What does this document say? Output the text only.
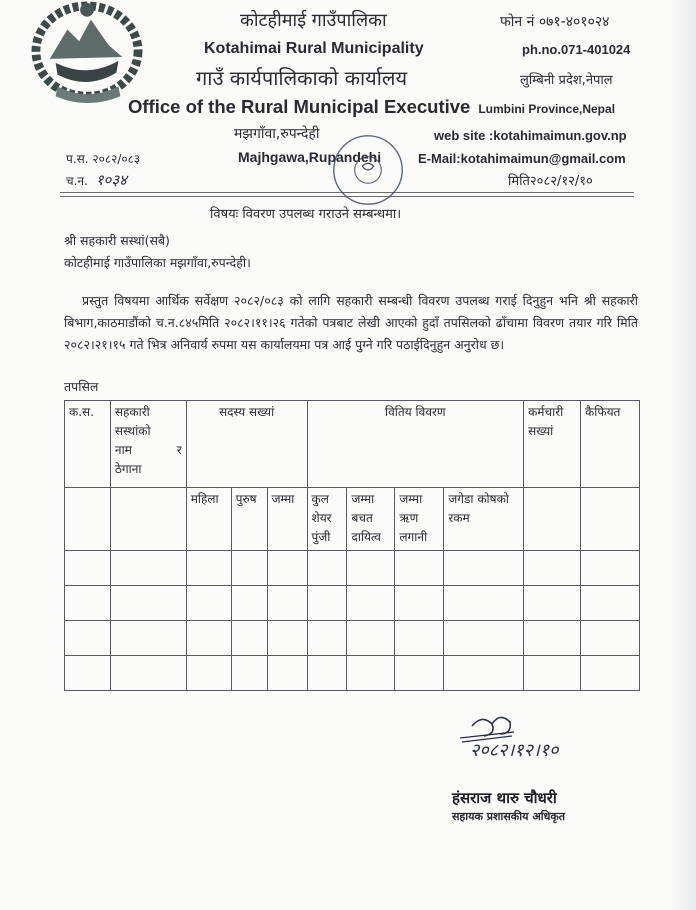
कोटहीमाई गाउँपालिका
Kotahimai Rural Municipality
गाउँ कार्यपालिकाको कार्यालय
Office of the Rural Municipal Executive Lumbini Province,Nepal
फोन नं ०७१-४०१०२४
ph.no.071-401024
लुम्बिनी प्रदेश,नेपाल
मझगाँवा,रुपन्देही
Majhgawa,Rupandehi
web site :kotahimaimun.gov.np
E-Mail:kotahimaimun@gmail.com
प.स. २०८२/०८३
च.न. १०३४	मिति२०८२/१२/१०
विषयः विवरण उपलब्ध गराउने सम्बन्धमा।
श्री सहकारी सस्थां(सबै)
कोटहीमाई गाउँपालिका मझगाँवा,रुपन्देही।
प्रस्तुत विषयमा आर्थिक सर्वेक्षण २०८२/०८३ को लागि सहकारी सम्बन्धी विवरण उपलब्ध गराई दिनुहुन भनि श्री सहकारी बिभाग,काठमाडौंको च.न.८४५मिति २०८२।११।२६ गतेको पत्रबाट लेखी आएको हुदाँ तपसिलको ढाँचामा विवरण तयार गरि मिति २०८२।२१।१५ गते भित्र अनिवार्य रुपमा यस कार्यालयमा पत्र आई पुग्ने गरि पठाईदिनुहुन अनुरोध छ।
तपसिल
क.स.	सहकारी
सस्थांको
नाम र
ठेगाना	सदस्य सख्यां			वितिय विवरण				कर्मचारी सख्यां	कैफियत
		महिला	पुरुष	जम्मा	कुल शेयर पुंजी	जम्मा बचत दायित्व	जम्मा ऋण लगानी	जगेडा कोषको रकम		

२०८२।१२।१०
हंसराज थारु चौधरी
सहायक प्रशासकीय अधिकृत
